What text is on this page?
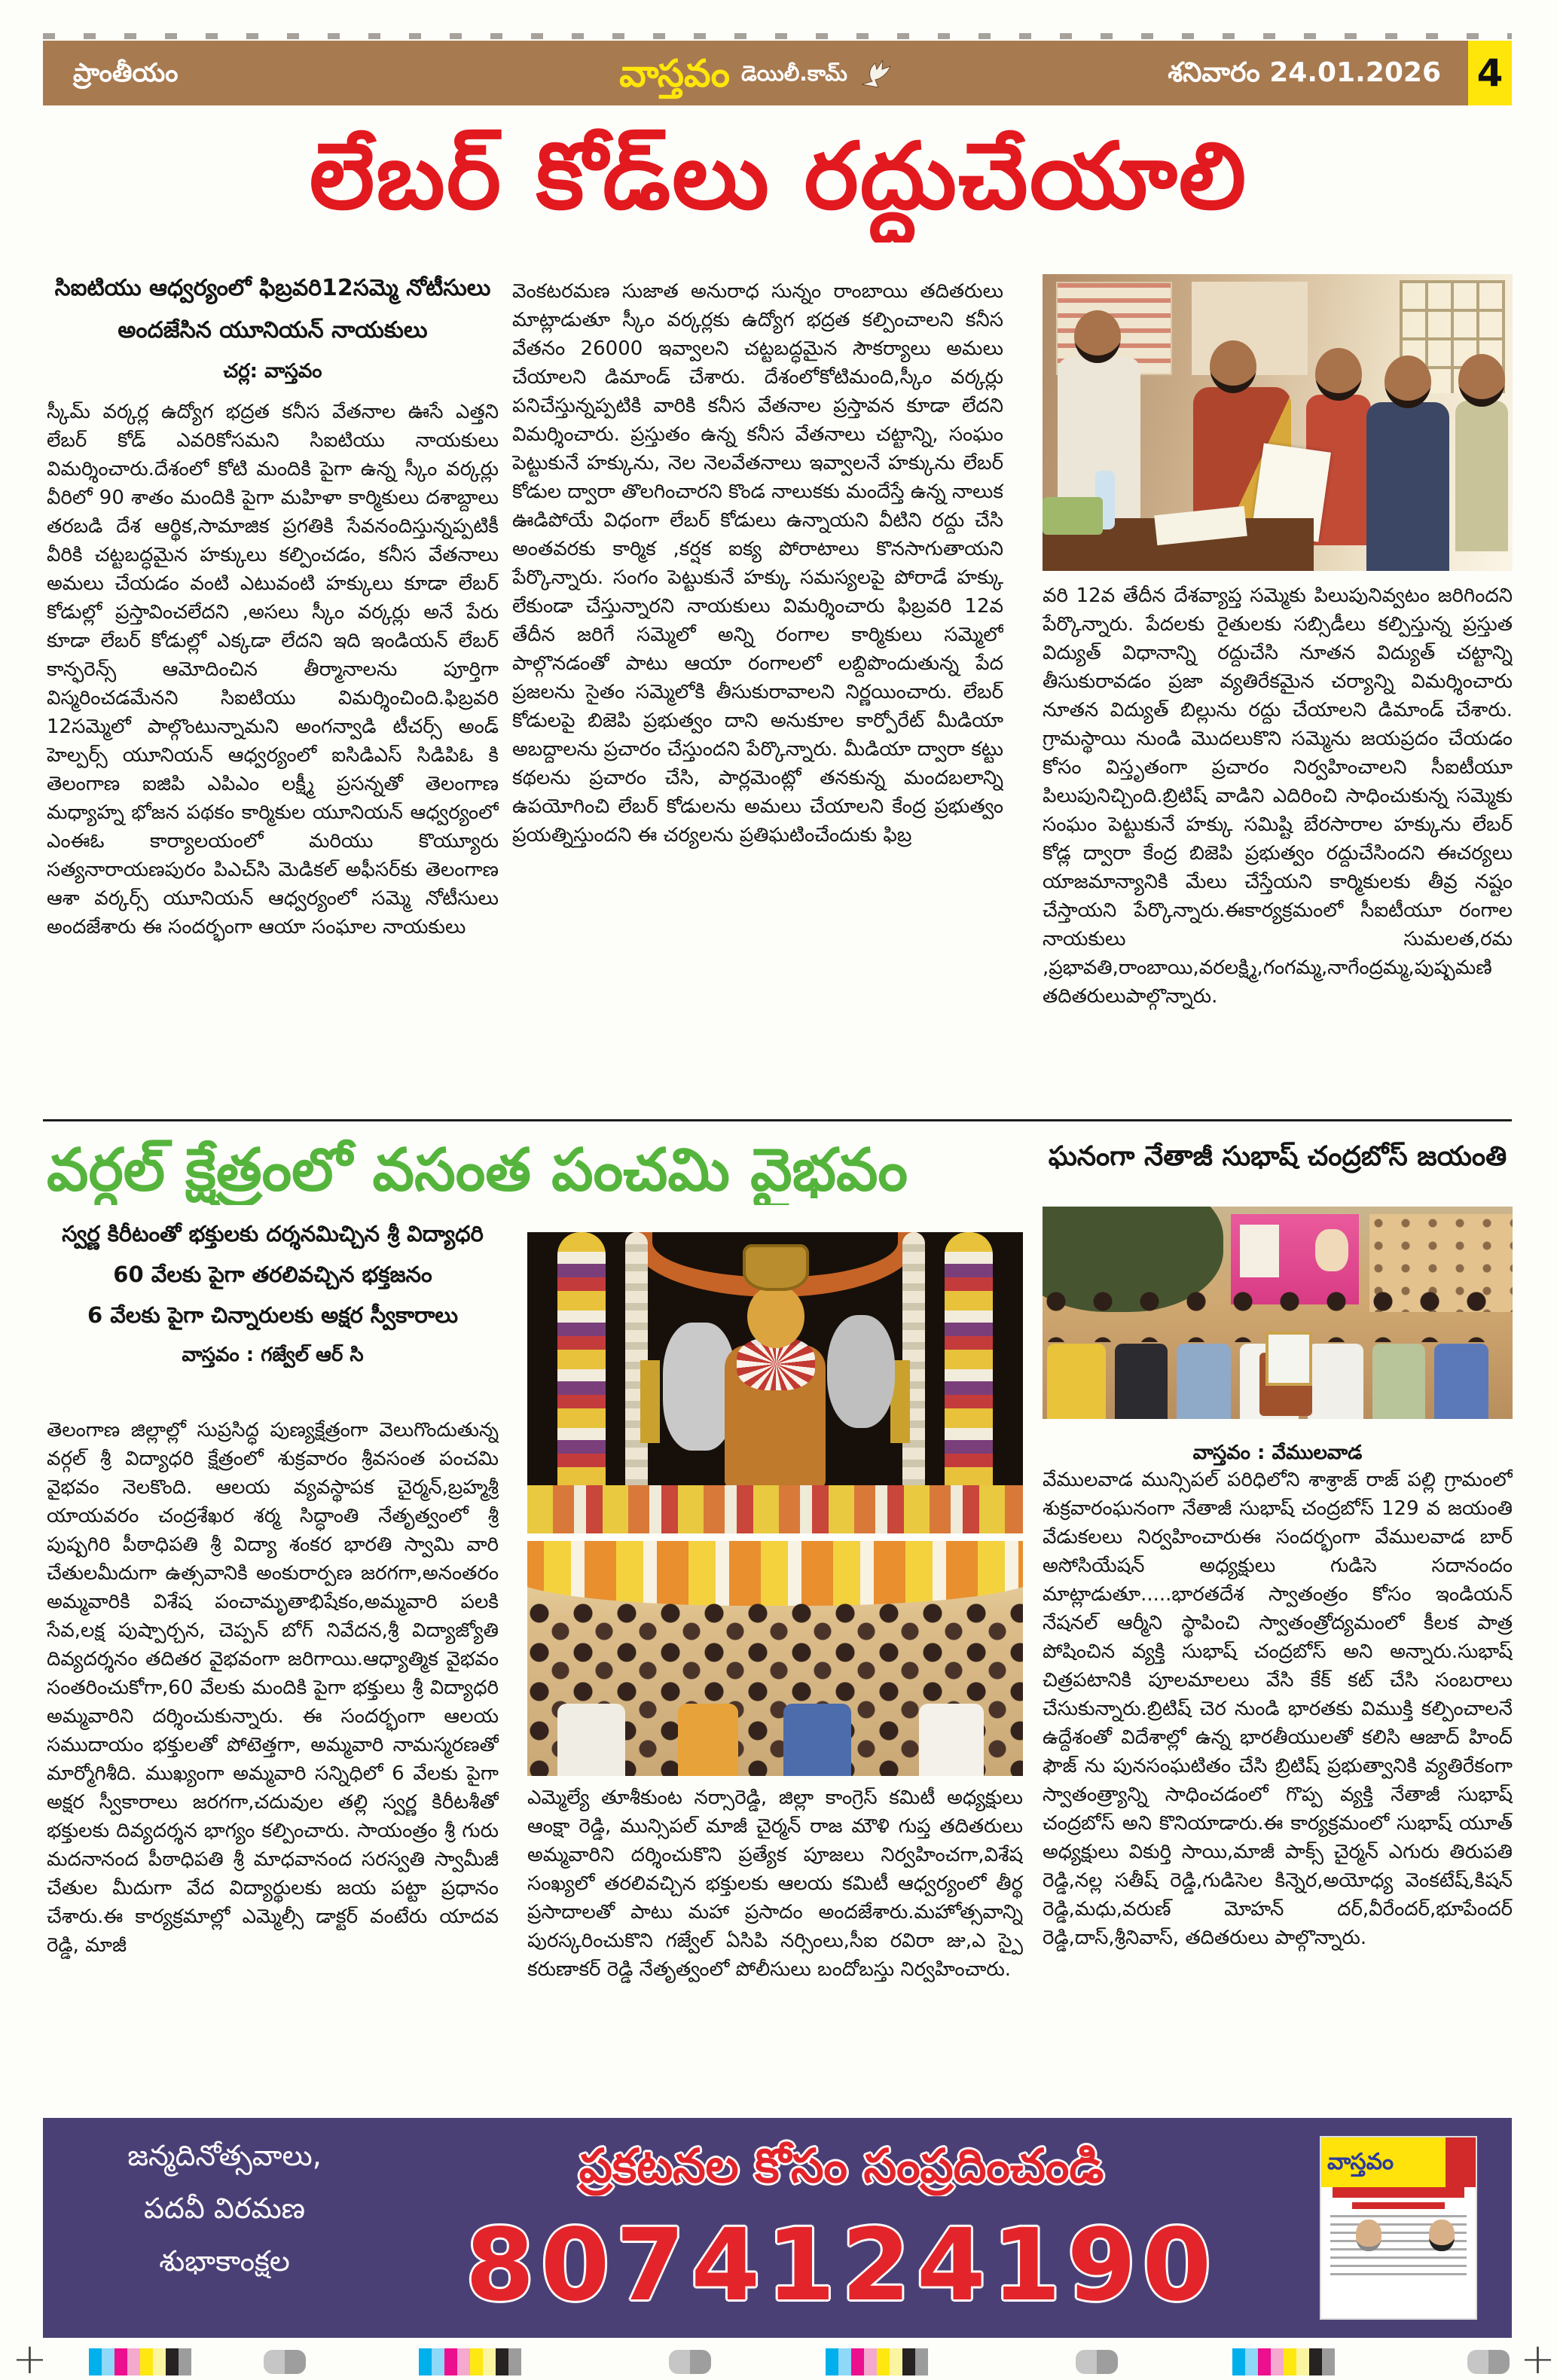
ప్రాంతీయం	వాస్తవం డెయిలీ.కామ్	శనివారం 24.01.2026 4
లేబర్ కోడ్‌లు రద్దుచేయాలి
సిఐటియు ఆధ్వర్యంలో ఫిబ్రవరి12సమ్మె నోటీసులు
అందజేసిన యూనియన్ నాయకులు
చర్ల: వాస్తవం
స్కీమ్ వర్కర్ల ఉద్యోగ భద్రత కనీస వేతనాల ఊసే ఎత్తని లేబర్ కోడ్ ఎవరికోసమని సిఐటియు నాయకులు విమర్శించారు.దేశంలో కోటి మందికి పైగా ఉన్న స్కీం వర్కర్లు వీరిలో 90 శాతం మందికి పైగా మహిళా కార్మికులు దశాబ్దాలు తరబడి దేశ ఆర్థిక,సామాజిక ప్రగతికి సేవనందిస్తున్నప్పటికీ వీరికి చట్టబద్ధమైన హక్కులు కల్పించడం, కనీస వేతనాలు అమలు చేయడం వంటి ఎటువంటి హక్కులు కూడా లేబర్ కోడుల్లో ప్రస్తావించలేదని ,అసలు స్కీం వర్కర్లు అనే పేరు కూడా లేబర్ కోడుల్లో ఎక్కడా లేదని ఇది ఇండియన్ లేబర్ కాన్ఫరెన్స్ ఆమోదించిన తీర్మానాలను పూర్తిగా విస్మరించడమేనని సిఐటియు విమర్శించింది.ఫిబ్రవరి 12సమ్మెలో పాల్గొంటున్నామని అంగన్వాడి టీచర్స్ అండ్ హెల్పర్స్ యూనియన్ ఆధ్వర్యంలో ఐసిడిఎస్ సిడిపిఓ కి తెలంగాణ ఐజిపి ఎపిఎం లక్ష్మీ ప్రసన్నతో తెలంగాణ మధ్యాహ్న భోజన పథకం కార్మికుల యూనియన్ ఆధ్వర్యంలో ఎంఈఓ కార్యాలయంలో మరియు కొయ్యూరు సత్యనారాయణపురం పిఎచ్‌సి మెడికల్ అఫీసర్‌కు తెలంగాణ ఆశా వర్కర్స్ యూనియన్ ఆధ్వర్యంలో సమ్మె నోటీసులు అందజేశారు ఈ సందర్భంగా ఆయా సంఘాల నాయకులు
వెంకటరమణ సుజాత అనురాధ సున్నం రాంబాయి తదితరులు మాట్లాడుతూ స్కీం వర్కర్లకు ఉద్యోగ భద్రత కల్పించాలని కనీస వేతనం 26000 ఇవ్వాలని చట్టబద్ధమైన సౌకర్యాలు అమలు చేయాలని డిమాండ్ చేశారు. దేశంలోకోటిమంది,స్కీం వర్కర్లు పనిచేస్తున్నప్పటికి వారికి కనీస వేతనాల ప్రస్తావన కూడా లేదని విమర్శించారు. ప్రస్తుతం ఉన్న కనీస వేతనాలు చట్టాన్ని, సంఘం పెట్టుకునే హక్కును, నెల నెలవేతనాలు ఇవ్వాలనే హక్కును లేబర్ కోడుల ద్వారా తొలగించారని కొండ నాలుకకు మందేస్తే ఉన్న నాలుక ఊడిపోయే విధంగా లేబర్ కోడులు ఉన్నాయని వీటిని రద్దు చేసి అంతవరకు కార్మిక ,కర్షక ఐక్య పోరాటాలు కొనసాగుతాయని పేర్కొన్నారు. సంగం పెట్టుకునే హక్కు సమస్యలపై పోరాడే హక్కు లేకుండా చేస్తున్నారని నాయకులు విమర్శించారు ఫిబ్రవరి 12వ తేదీన జరిగే సమ్మెలో అన్ని రంగాల కార్మికులు సమ్మెలో పాల్గొనడంతో పాటు ఆయా రంగాలలో లబ్దిపొందుతున్న పేద ప్రజలను సైతం సమ్మెలోకి తీసుకురావాలని నిర్ణయించారు. లేబర్ కోడులపై బిజెపి ప్రభుత్వం దాని అనుకూల కార్పోరేట్ మీడియా అబద్దాలను ప్రచారం చేస్తుందని పేర్కొన్నారు. మీడియా ద్వారా కట్టు కథలను ప్రచారం చేసి, పార్లమెంట్లో తనకున్న మందబలాన్ని ఉపయోగించి లేబర్ కోడులను అమలు చేయాలని కేంద్ర ప్రభుత్వం ప్రయత్నిస్తుందని ఈ చర్యలను ప్రతిఘటించేందుకు ఫిబ్ర
వరి 12వ తేదీన దేశవ్యాప్త సమ్మెకు పిలుపునివ్వటం జరిగిందని పేర్కొన్నారు. పేదలకు రైతులకు సబ్సిడీలు కల్పిస్తున్న ప్రస్తుత విద్యుత్ విధానాన్ని రద్దుచేసి నూతన విద్యుత్ చట్టాన్ని తీసుకురావడం ప్రజా వ్యతిరేకమైన చర్యాన్ని విమర్శించారు నూతన విద్యుత్ బిల్లును రద్దు చేయాలని డిమాండ్ చేశారు. గ్రామస్థాయి నుండి మొదలుకొని సమ్మెను జయప్రదం చేయడం కోసం విస్తృతంగా ప్రచారం నిర్వహించాలని సీఐటీయూ పిలుపునిచ్చింది.బ్రిటిష్ వాడిని ఎదిరించి సాధించుకున్న సమ్మెకు సంఘం పెట్టుకునే హక్కు సమిష్టి బేరసారాల హక్కును లేబర్ కోడ్ల ద్వారా కేంద్ర బిజెపి ప్రభుత్వం రద్దుచేసిందని ఈచర్యలు యాజమాన్యానికి మేలు చేస్తేయని కార్మికులకు తీవ్ర నష్టం చేస్తాయని పేర్కొన్నారు.ఈకార్యక్రమంలో సీఐటీయూ రంగాల నాయకులు సుమలత,రమ ,ప్రభావతి,రాంబాయి,వరలక్ష్మి,గంగమ్మ,నాగేంద్రమ్మ,పుష్పమణి తదితరులుపాల్గొన్నారు.
వర్గల్ క్షేత్రంలో వసంత పంచమి వైభవం
స్వర్ణ కిరీటంతో భక్తులకు దర్శనమిచ్చిన శ్రీ విద్యాధరి
60 వేలకు పైగా తరలివచ్చిన భక్తజనం
6 వేలకు పైగా చిన్నారులకు అక్షర స్వీకారాలు
వాస్తవం : గజ్వేల్ ఆర్ సి
తెలంగాణ జిల్లాల్లో సుప్రసిద్ధ పుణ్యక్షేత్రంగా వెలుగొందుతున్న వర్గల్ శ్రీ విద్యాధరి క్షేత్రంలో శుక్రవారం శ్రీవసంత పంచమి వైభవం నెలకొంది. ఆలయ వ్యవస్థాపక చైర్మన్,బ్రహ్మశ్రీ యాయవరం చంద్రశేఖర శర్మ సిద్ధాంతి నేతృత్వంలో శ్రీ పుష్పగిరి పీఠాధిపతి శ్రీ విద్యా శంకర భారతి స్వామి వారి చేతులమీదుగా ఉత్సవానికి అంకురార్పణ జరగగా,అనంతరం అమ్మవారికి విశేష పంచామృతాభిషేకం,అమ్మవారి పలకి సేవ,లక్ష పుష్పార్చన, చెప్పన్ బోగ్ నివేదన,శ్రీ విద్యాజ్యోతి దివ్యదర్శనం తదితర వైభవంగా జరిగాయి.ఆధ్యాత్మిక వైభవం సంతరించుకోగా,60 వేలకు మందికి పైగా భక్తులు శ్రీ విద్యాధరి అమ్మవారిని దర్శించుకున్నారు. ఈ సందర్భంగా ఆలయ సముదాయం భక్తులతో పోటెత్తగా, అమ్మవారి నామస్మరణతో మార్మోగిశీది. ముఖ్యంగా అమ్మవారి సన్నిధిలో 6 వేలకు పైగా అక్షర స్వీకారాలు జరగగా,చదువుల తల్లి స్వర్ణ కిరీటశీతో భక్తులకు దివ్యదర్శన భాగ్యం కల్పించారు. సాయంత్రం శ్రీ గురు మదనానంద పీఠాధిపతి శ్రీ మాధవానంద సరస్వతి స్వామీజీ చేతుల మీదుగా వేద విద్యార్థులకు జయ పట్టా ప్రధానం చేశారు.ఈ కార్యక్రమాల్లో ఎమ్మెల్సీ డాక్టర్ వంటేరు యాదవ రెడ్డి, మాజీ
ఎమ్మెల్యే తూశీకుంట నర్సారెడ్డి, జిల్లా కాంగ్రెస్ కమిటీ అధ్యక్షులు ఆంక్షా రెడ్డి, మున్సిపల్ మాజీ చైర్మన్ రాజ మౌళి గుప్త తదితరులు అమ్మవారిని దర్శించుకొని ప్రత్యేక పూజలు నిర్వహించగా,విశేష సంఖ్యలో తరలివచ్చిన భక్తులకు ఆలయ కమిటీ ఆధ్వర్యంలో తీర్థ ప్రసాదాలతో పాటు మహా ప్రసాదం అందజేశారు.మహోత్సవాన్ని పురస్కరించుకొని గజ్వేల్ ఏసిపి నర్సింలు,సీఐ రవిరా జు,ఎ స్పై కరుణాకర్ రెడ్డి నేతృత్వంలో పోలీసులు బందోబస్తు నిర్వహించారు.
ఘనంగా నేతాజీ సుభాష్ చంద్రబోస్ జయంతి
వాస్తవం : వేములవాడ
వేములవాడ మున్సిపల్ పరిధిలోని శాశ్రాజ్ రాజ్ పల్లి గ్రామంలో శుక్రవారంఘనంగా నేతాజీ సుభాష్ చంద్రబోస్ 129 వ జయంతి వేడుకలలు నిర్వహించారుఈ సందర్భంగా వేములవాడ బార్ అసోసియేషన్ అధ్యక్షులు గుడిసె సదానందం మాట్లాడుతూ.....భారతదేశ స్వాతంత్రం కోసం ఇండియన్ నేషనల్ ఆర్మీని స్థాపించి స్వాతంత్రోద్యమంలో కీలక పాత్ర పోషించిన వ్యక్తి సుభాష్ చంద్రబోస్ అని అన్నారు.సుభాష్ చిత్రపటానికి పూలమాలలు వేసి కేక్ కట్ చేసి సంబరాలు చేసుకున్నారు.బ్రిటిష్ చెర నుండి భారతకు విముక్తి కల్పించాలనే ఉద్దేశంతో విదేశాల్లో ఉన్న భారతీయులతో కలిసి ఆజాద్ హింద్ ఫౌజ్ ను పునసంఘటితం చేసి బ్రిటిష్ ప్రభుత్వానికి వ్యతిరేకంగా స్వాతంత్ర్యాన్ని సాధించడంలో గొప్ప వ్యక్తి నేతాజీ సుభాష్ చంద్రబోస్ అని కొనియాడారు.ఈ కార్యక్రమంలో సుభాష్ యూత్ అధ్యక్షులు వికుర్తి సాయి,మాజీ పాక్స్ చైర్మన్ ఎగురు తిరుపతి రెడ్డి,నల్ల సతీష్ రెడ్డి,గుడిసెల కిన్నెర,అయోధ్య వెంకటేష్,కిషన్ రెడ్డి,మధు,వరుణ్ మోహన్ దర్,వీరేందర్,భూపేందర్ రెడ్డి,దాస్,శ్రీనివాస్, తదితరులు పాల్గొన్నారు.
జన్మదినోత్సవాలు,
పదవీ విరమణ
శుభాకాంక్షల
ప్రకటనల కోసం సంప్రదించండి
8074124190
వాస్తవం
+	+
